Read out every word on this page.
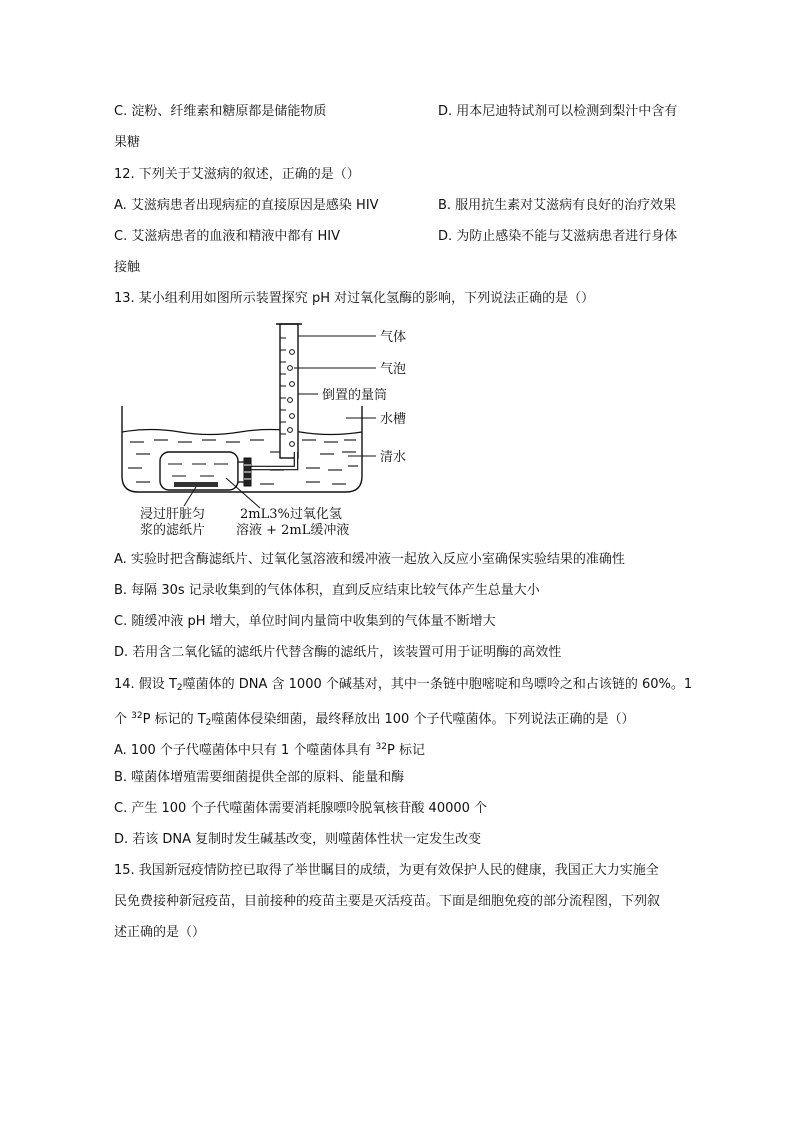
C. 淀粉、纤维素和糖原都是储能物质	D. 用本尼迪特试剂可以检测到梨汁中含有
果糖
12. 下列关于艾滋病的叙述，正确的是（）
A. 艾滋病患者出现病症的直接原因是感染 HIV	B. 服用抗生素对艾滋病有良好的治疗效果
C. 艾滋病患者的血液和精液中都有 HIV	D. 为防止感染不能与艾滋病患者进行身体
接触
13. 某小组利用如图所示装置探究 pH 对过氧化氢酶的影响，下列说法正确的是（）
气体
气泡
倒置的量筒
水槽
清水
浸过肝脏匀
浆的滤纸片
2mL3%过氧化氢
溶液 + 2mL缓冲液
A. 实验时把含酶滤纸片、过氧化氢溶液和缓冲液一起放入反应小室确保实验结果的准确性
B. 每隔 30s 记录收集到的气体体积，直到反应结束比较气体产生总量大小
C. 随缓冲液 pH 增大，单位时间内量筒中收集到的气体量不断增大
D. 若用含二氧化锰的滤纸片代替含酶的滤纸片，该装置可用于证明酶的高效性
14. 假设 $T_2$噬菌体的 DNA 含 1000 个碱基对，其中一条链中胞嘧啶和鸟嘌呤之和占该链的 60%。1
个 $^{32}$P 标记的 $T_2$噬菌体侵染细菌，最终释放出 100 个子代噬菌体。下列说法正确的是（）
A. 100 个子代噬菌体中只有 1 个噬菌体具有 $^{32}$P 标记
B. 噬菌体增殖需要细菌提供全部的原料、能量和酶
C. 产生 100 个子代噬菌体需要消耗腺嘌呤脱氧核苷酸 40000 个
D. 若该 DNA 复制时发生碱基改变，则噬菌体性状一定发生改变
15. 我国新冠疫情防控已取得了举世瞩目的成绩，为更有效保护人民的健康，我国正大力实施全
民免费接种新冠疫苗，目前接种的疫苗主要是灭活疫苗。下面是细胞免疫的部分流程图，下列叙
述正确的是（）
